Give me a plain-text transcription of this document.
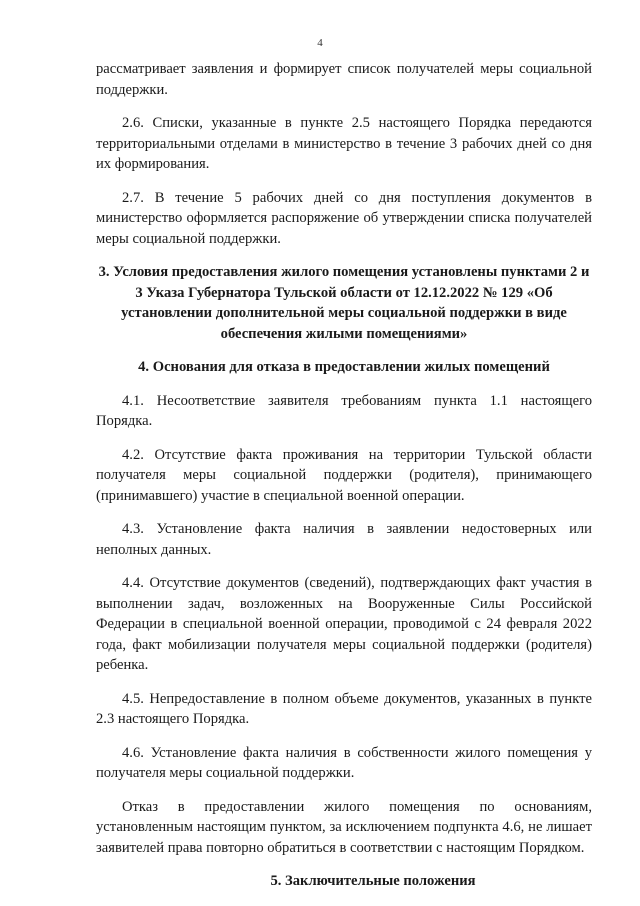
4

рассматривает заявления и формирует список получателей меры социальной поддержки.

2.6. Списки, указанные в пункте 2.5 настоящего Порядка передаются территориальными отделами в министерство в течение 3 рабочих дней со дня их формирования.

2.7. В течение 5 рабочих дней со дня поступления документов в министерство оформляется распоряжение об утверждении списка получателей меры социальной поддержки.

3. Условия предоставления жилого помещения установлены пунктами 2 и 3 Указа Губернатора Тульской области от 12.12.2022 № 129 «Об установлении дополнительной меры социальной поддержки в виде обеспечения жилыми помещениями»

4. Основания для отказа в предоставлении жилых помещений

4.1. Несоответствие заявителя требованиям пункта 1.1 настоящего Порядка.

4.2. Отсутствие факта проживания на территории Тульской области получателя меры социальной поддержки (родителя), принимающего (принимавшего) участие в специальной военной операции.

4.3. Установление факта наличия в заявлении недостоверных или неполных данных.

4.4. Отсутствие документов (сведений), подтверждающих факт участия в выполнении задач, возложенных на Вооруженные Силы Российской Федерации в специальной военной операции, проводимой с 24 февраля 2022 года, факт мобилизации получателя меры социальной поддержки (родителя) ребенка.

4.5. Непредоставление в полном объеме документов, указанных в пункте 2.3 настоящего Порядка.

4.6. Установление факта наличия в собственности жилого помещения у получателя меры социальной поддержки.

Отказ в предоставлении жилого помещения по основаниям, установленным настоящим пунктом, за исключением подпункта 4.6, не лишает заявителей права повторно обратиться в соответствии с настоящим Порядком.

5. Заключительные положения
